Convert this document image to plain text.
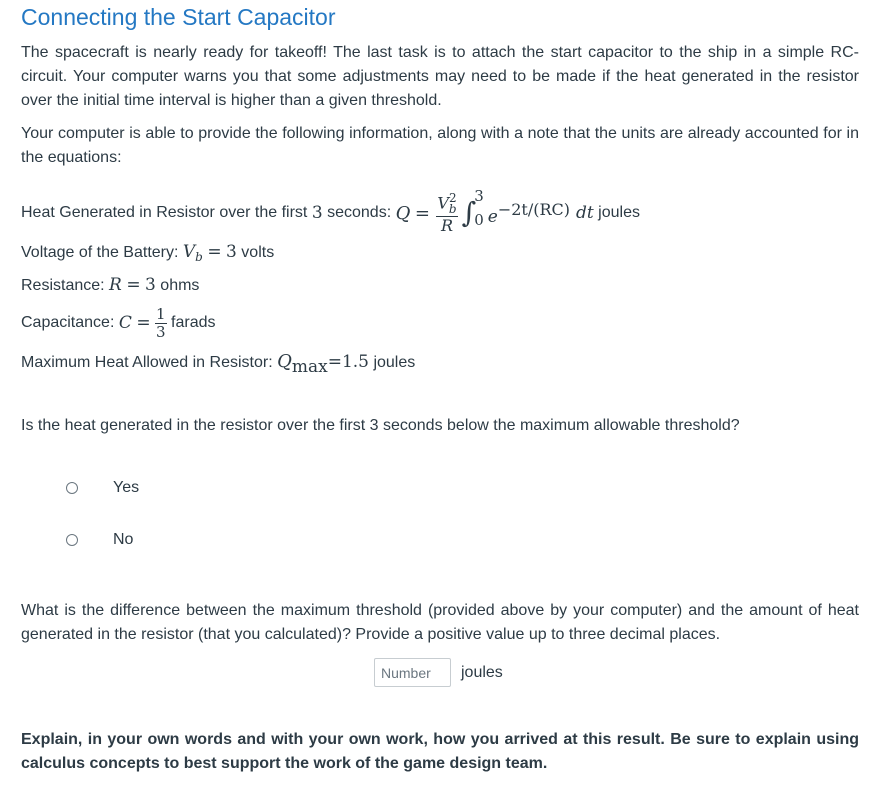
Connecting the Start Capacitor

The spacecraft is nearly ready for takeoff! The last task is to attach the start capacitor to the ship in a simple RC-circuit. Your computer warns you that some adjustments may need to be made if the heat generated in the resistor over the initial time interval is higher than a given threshold.

Your computer is able to provide the following information, along with a note that the units are already accounted for in the equations:

Heat Generated in Resistor over the first
3
seconds:
Q
=
V 2
b
R ∫
3
0 e −2t/(RC) dt
joules
Voltage of the Battery: $V_b = 3$ volts
Resistance: R = 3 ohms
Capacitance:
C
=
$\frac{1}{3}$
farads
Maximum Heat Allowed in Resistor: Qmax=1.5 joules
Is the heat generated in the resistor over the first 3 seconds below the maximum allowable threshold?
Yes
No

What is the difference between the maximum threshold (provided above by your computer) and the amount of heat generated in the resistor (that you calculated)? Provide a positive value up to three decimal places.

Number
joules

Explain, in your own words and with your own work, how you arrived at this result. Be sure to explain using calculus concepts to best support the work of the game design team.
